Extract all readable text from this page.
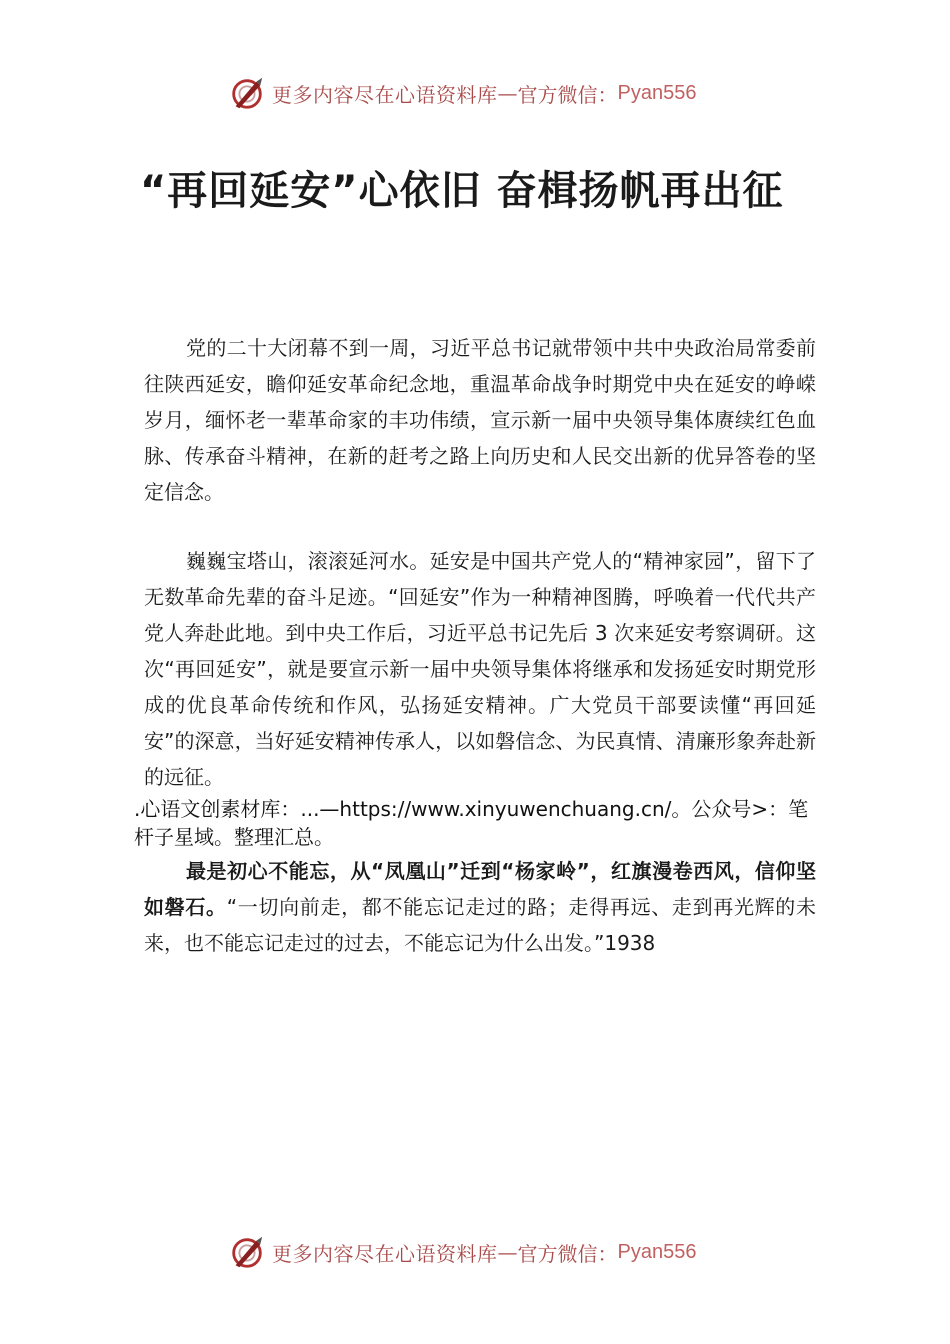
更多内容尽在心语资料库 — 官方微信： Pyan556
“再回延安”心依旧 奋楫扬帆再出征

党的二十大闭幕不到一周，习近平总书记就带领中共中央政治局常委前往陕西延安，瞻仰延安革命纪念地，重温革命战争时期党中央在延安的峥嵘岁月，缅怀老一辈革命家的丰功伟绩，宣示新一届中央领导集体赓续红色血脉、传承奋斗精神，在新的赶考之路上向历史和人民交出新的优异答卷的坚定信念。

巍巍宝塔山，滚滚延河水。延安是中国共产党人的“精神家园”，留下了无数革命先辈的奋斗足迹。“回延安”作为一种精神图腾，呼唤着一代代共产党人奔赴此地。到中央工作后，习近平总书记先后 3 次来延安考察调研。这次“再回延安”，就是要宣示新一届中央领导集体将继承和发扬延安时期党形成的优良革命传统和作风，弘扬延安精神。广大党员干部要读懂“再回延安”的深意，当好延安精神传承人，以如磐信念、为民真情、清廉形象奔赴新的远征。

.心语文创素材库：...—https://www.xinyuwenchuang.cn/。公众号>：笔杆子星域。整理汇总。

最是初心不能忘，从“凤凰山”迁到“杨家岭”，红旗漫卷西风，信仰坚如磐石。“一切向前走，都不能忘记走过的路；走得再远、走到再光辉的未来，也不能忘记走过的过去，不能忘记为什么出发。”1938

更多内容尽在心语资料库 — 官方微信： Pyan556
